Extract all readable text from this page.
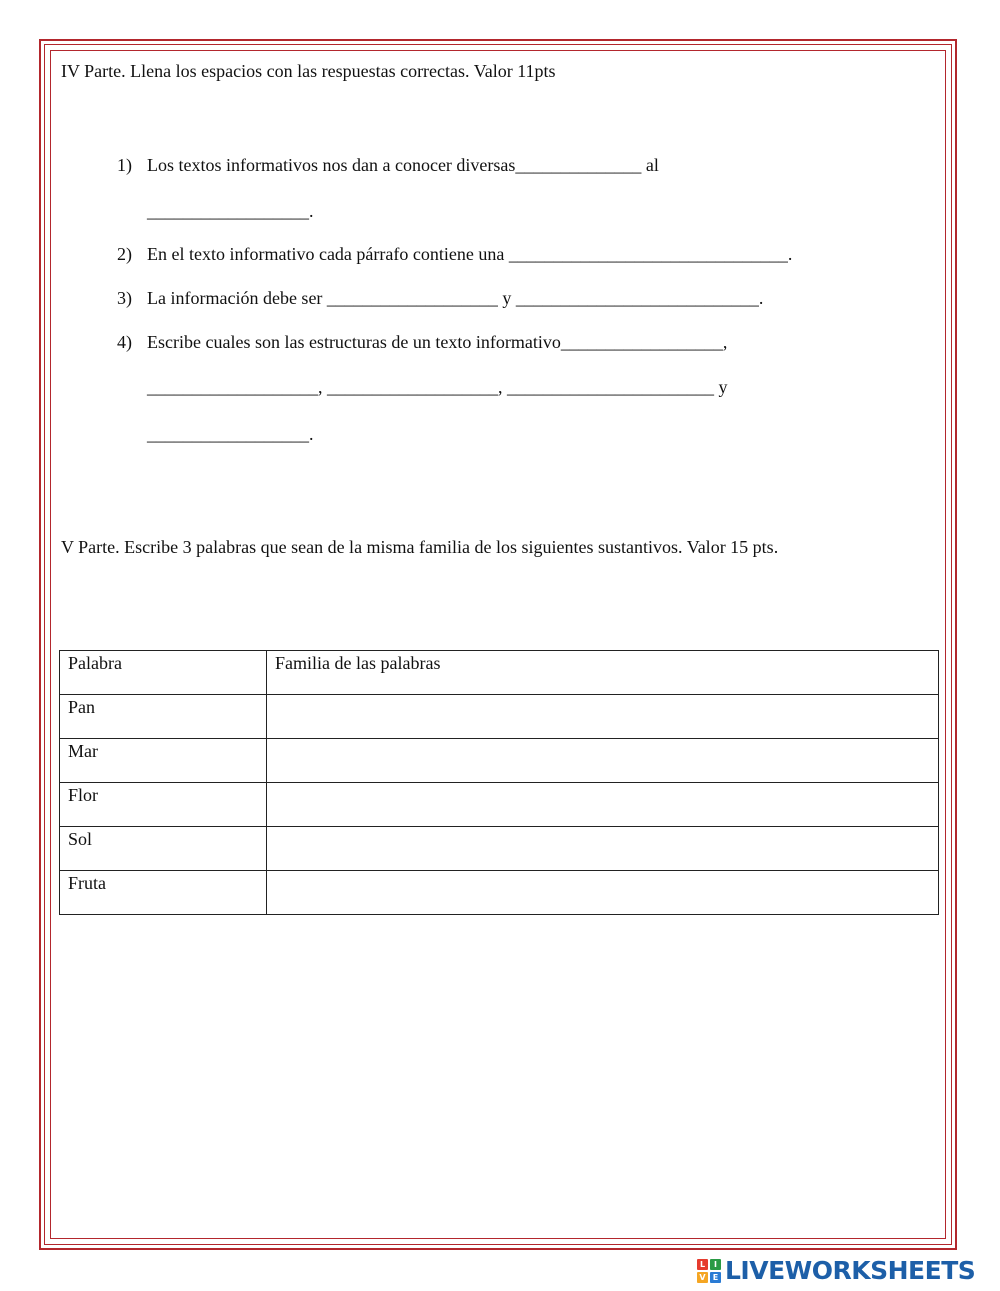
IV Parte. Llena los espacios con las respuestas correctas. Valor 11pts
1) Los textos informativos nos dan a conocer diversas______________ al
__________________.
2) En el texto informativo cada párrafo contiene una _______________________________.
3) La información debe ser ___________________ y ___________________________.
4) Escribe cuales son las estructuras de un texto informativo__________________,
___________________, ___________________, _______________________ y
__________________.
V Parte. Escribe 3 palabras que sean de la misma familia de los siguientes sustantivos. Valor 15 pts.
Palabra	Familia de las palabras
Pan	
Mar	
Flor	
Sol	
Fruta	
L	I
V E LIVEWORKSHEETS
